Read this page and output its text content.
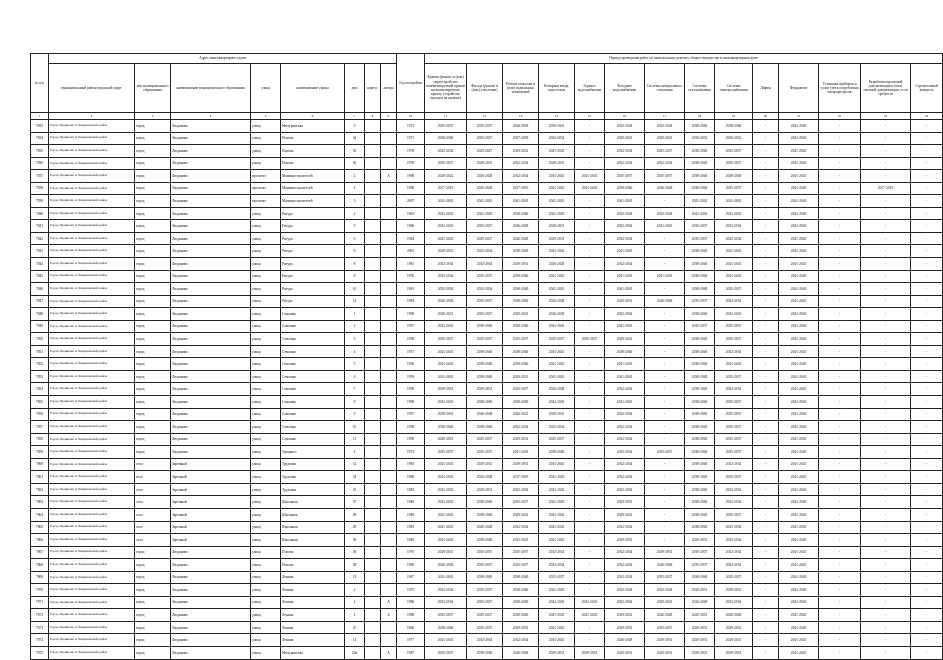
№ п/п	Адрес многоквартирного дома								Год постройки	Период проведения работ по капитальному ремонту общего имущества в многоквартирном доме													
	муниципальный район/городской округ	тип муниципального образования	наименование муниципального образования	улица	наименование улицы	дом	корпус	литера		Крыши (ремонт и (или) переустройство невентилируемой крыши на вентилируемую крышу, устройство выходов на кровлю)	Фасада (ремонт и (или) утепление)	Ремонт отмостки и (или) подвальных помещений	Козырьки входа, водостоков	Горячее водоснабжение	Холодное водоснабжение	Системы центрального отопления	Системы газоснабжения	Системы электроснабжения	Лифты	Фундамент	Установка приборов и узлов учета потребления энергоресурсов	Разработка проектной документации и (или) сметной документации, если требуется	Строительный контроль
1	2	3	4	5	6	7	8	9	10	11	12	13	14	15	16	17	18	19	20	21	22	23	24
7833	Город Людиново и Людиновский район	город	Людиново	улица	Мичуринская	5			1972	2035-2037	2035-2037	2028-2029	2039-2041	-	2032-2034	2032-2034	2038-2040	2038-2040	-	2041-2043	-	-	-
7834	Город Людиново и Людиновский район	город	Людиново	улица	Попова	34			1971	2038-2040	2035-2037	2037-2039	2032-2034	-	2029-2031	2029-2031	2030-2032	2030-2032	-	2041-2043	-	-	-
7835	Город Людиново и Людиновский район	город	Людиново	улица	Попова	35			1978	2032-2034	2025-2027	2029-2031	2041-2043	-	2032-2034	2035-2037	2038-2040	2035-2037	-	2041-2043	-	-	-
7836	Город Людиново и Людиновский район	город	Людиново	улица	Попова	40			1978	2035-2037	2029-2031	2032-2034	2029-2031	-	2032-2034	2032-2034	2038-2040	2035-2037	-	2041-2043	-	-	-
7837	Город Людиново и Людиновский район	город	Людиново	проспект	Машиностроителей	2		А	1998	2020-2022	2026-2028	2032-2034	2041-2043	2041-2043	2035-2037	2035-2037	2038-2040	2038-2040	-	2041-2043	-	-	-
7838	Город Людиново и Людиновский район	город	Людиново	проспект	Машиностроителей	4			1998	2017-2019	2026-2028	2017-2019	2041-2043	2041-2043	2038-2040	2026-2028	2038-2040	2035-2037	-	2041-2043	-	2017-2019	-
7839	Город Людиново и Людиновский район	город	Людиново	проспект	Машиностроителей	3			2007	2041-2043	2041-2043	2041-2043	2041-2043	-	2041-2043	-	2041-2043	2041-2043	-	2041-2043	-	-	-
7840	Город Людиново и Людиновский район	город	Людиново	улица	Ригура	2			1963	2041-2043	2041-2043	2038-2040	2041-2043	-	2032-2034	2032-2034	2041-2043	2041-2043	-	2041-2043	-	-	-
7841	Город Людиново и Людиновский район	город	Людиново	улица	Ригура	5			1966	2041-2043	2035-2037	2026-2028	2029-2031	-	2032-2034	2041-2043	2035-2037	2032-2034	-	2041-2043	-	-	-
7842	Город Людиново и Людиновский район	город	Людиново	улица	Ригура	5			1964	2041-2043	2035-2037	2026-2028	2029-2031	-	2032-2034	-	2035-2037	2032-2034	-	2041-2043	-	-	-
7843	Город Людиново и Людиновский район	город	Людиново	улица	Ригура	6			2001	2029-2031	2032-2034	2038-2040	2041-2043	-	2041-2043	-	2038-2040	2041-2043	-	2041-2043	-	-	-
7844	Город Людиново и Людиновский район	город	Людиново	улица	Ригура	8			1981	2032-2034	2032-2034	2029-2031	2026-2028	-	2032-2034	-	2038-2040	2041-2043	-	2041-2043	-	-	-
7845	Город Людиново и Людиновский район	город	Людиново	улица	Ригура	9			1976	2032-2034	2035-2037	2038-2040	2041-2043	-	2041-2043	2041-2043	2038-2040	2041-2043	-	2041-2043	-	-	-
7846	Город Людиново и Людиновский район	город	Людиново	улица	Ригура	10			1981	2032-2034	2032-2034	2038-2040	2041-2043	-	2041-2043	-	2038-2040	2035-2037	-	2041-2043	-	-	-
7847	Город Людиново и Людиновский район	город	Людиново	улица	Ригура	12			1984	2026-2028	2035-2037	2038-2040	2026-2028	-	2029-2031	2026-2028	2035-2037	2032-2034	-	2041-2043	-	-	-
7848	Город Людиново и Людиновский район	город	Людиново	улица	Семашко	1			1958	2029-2031	2035-2037	2029-2031	2026-2028	-	2032-2034	-	2038-2040	2041-2043	-	2041-2043	-	-	-
7849	Город Людиново и Людиновский район	город	Людиново	улица	Семашко	2			1957	2041-2043	2038-2040	2038-2040	2041-2043	-	2041-2043	-	2035-2037	2035-2037	-	2041-2043	-	-	-
7850	Город Людиново и Людиновский район	город	Людиново	улица	Семашко	3			1958	2035-2037	2035-2037	2035-2037	2035-2037	2035-2037	2029-2031	-	2038-2040	2035-2037	-	2041-2043	-	-	-
7851	Город Людиново и Людиновский район	город	Людиново	улица	Семашко	4			1957	2041-2043	2038-2040	2038-2040	2041-2043	-	2038-2040	-	2038-2040	2032-2034	-	2041-2043	-	-	-
7852	Город Людиново и Людиновский район	город	Людиново	улица	Семашко	5			1956	2041-2043	2038-2040	2038-2040	2041-2043	-	2041-2043	-	2038-2040	2041-2043	-	2041-2043	-	-	-
7853	Город Людиново и Людиновский район	город	Людиново	улица	Семашко	6			1959	2041-2043	2038-2040	2029-2031	2041-2043	-	2041-2043	-	2038-2040	2035-2037	-	2041-2043	-	-	-
7854	Город Людиново и Людиновский район	город	Людиново	улица	Семашко	7			1958	2029-2031	2029-2031	2035-2037	2026-2028	-	2032-2034	-	2038-2040	2032-2034	-	2041-2043	-	-	-
7855	Город Людиново и Людиновский район	город	Людиново	улица	Семашко	8			1958	2041-2043	2038-2040	2038-2040	2041-2043	-	2041-2043	-	2038-2040	2035-2037	-	2041-2043	-	-	-
7856	Город Людиново и Людиновский район	город	Людиново	улица	Семашко	9			1957	2029-2031	2026-2028	2020-2022	2029-2031	-	2032-2034	-	2038-2040	2035-2037	-	2041-2043	-	-	-
7857	Город Людиново и Людиновский район	город	Людиново	улица	Семашко	10			1958	2038-2040	2038-2040	2032-2034	2032-2034	-	2032-2034	-	2038-2040	2035-2037	-	2041-2043	-	-	-
7858	Город Людиново и Людиновский район	город	Людиново	улица	Семашко	11			1958	2029-2031	2035-2037	2029-2031	2035-2037	-	2032-2034	-	2038-2040	2035-2037	-	2041-2043	-	-	-
7859	Город Людиново и Людиновский район	город	Людиново	улица	Урицкого	4			1972	2035-2037	2035-2037	2041-2043	2038-2040	-	2032-2034	2035-2037	2038-2040	2035-2037	-	2041-2043	-	-	-
7860	Город Людиново и Людиновский район	село	Заречный	улица	Трудовая	32			1983	2041-2043	2029-2031	2029-2031	2041-2043	-	2032-2034	-	2038-2040	2032-2034	-	2041-2043	-	-	-
7861	Город Людиново и Людиновский район	село	Заречный	улица	Трудовая	32			1980	2041-2043	2026-2028	2017-2019	2041-2043	-	2032-2034	-	2038-2040	2035-2037	-	2041-2043	-	-	-
7862	Город Людиново и Людиновский район	село	Заречный	улица	Трудовая	33			1983	2041-2043	2029-2031	2032-2034	2041-2043	-	2032-2034	-	2038-2040	2032-2034	-	2041-2043	-	-	-
7863	Город Людиново и Людиновский район	село	Заречный	улица	Школьная	47			1983	2041-2043	2038-2040	2035-2037	2041-2043	-	2029-2031	-	2038-2040	2032-2034	-	2041-2043	-	-	-
7864	Город Людиново и Людиновский район	село	Заречный	улица	Школьная	48			1983	2041-2043	2038-2040	2029-2031	2041-2043	-	2029-2031	-	2038-2040	2035-2037	-	2041-2043	-	-	-
7865	Город Людиново и Людиновский район	село	Заречный	улица	Школьная	49			1983	2041-2043	2026-2028	2032-2034	2041-2043	-	2032-2034	-	2038-2040	2032-2034	-	2041-2043	-	-	-
7866	Город Людиново и Людиновский район	село	Заречный	улица	Школьная	50			1983	2041-2043	2038-2040	2023-2025	2041-2043	-	2029-2031	-	2029-2031	2032-2034	-	2041-2043	-	-	-
7867	Город Людиново и Людиновский район	город	Людиново	улица	Попова	36			1970	2029-2031	2035-2037	2035-2037	2032-2034	-	2032-2034	2029-2031	2035-2037	2032-2034	-	2041-2043	-	-	-
7868	Город Людиново и Людиновский район	город	Людиново	улица	Попова	38			1969	2026-2028	2035-2037	2035-2037	2032-2034	-	2032-2034	2026-2028	2035-2037	2032-2034	-	2041-2043	-	-	-
7869	Город Людиново и Людиновский район	город	Людиново	улица	Ленина	15			1967	2041-2043	2038-2040	2038-2040	2035-2037	-	2032-2034	2035-2037	2038-2040	2035-2037	-	2041-2043	-	-	-
7870	Город Людиново и Людиновский район	город	Людиново	улица	Ленина	2			1975	2032-2034	2035-2037	2038-2040	2041-2043	-	2032-2034	2032-2034	2029-2031	2029-2031	-	2041-2043	-	-	-
7871	Город Людиново и Людиновский район	город	Людиново	улица	Ленина	2		А	1986	2032-2034	2035-2037	2038-2040	2041-2043	2041-2043	2032-2034	2029-2031	2026-2028	2032-2034	-	2041-2043	-	-	-
7872	Город Людиново и Людиновский район	город	Людиново	улица	Ленина	2		Б	1986	2035-2037	2035-2037	2038-2040	2041-2043	2041-2043	2029-2031	2026-2028	2029-2031	2026-2028	-	2041-2043	-	-	-
7873	Город Людиново и Людиновский район	город	Людиново	улица	Ленина	10			1960	2038-2040	2035-2037	2029-2031	2041-2043	-	2029-2031	2035-2037	2029-2031	2029-2031	-	2041-2043	-	-	-
7874	Город Людиново и Людиновский район	город	Людиново	улица	Ленина	12			1977	2041-2043	2032-2034	2032-2034	2041-2043	-	2026-2028	2029-2031	2029-2031	2029-2031	-	2041-2043	-	-	-
7875	Город Людиново и Людиновский район	город	Людиново	улица	Мичуринская	20а		А	1987	2035-2037	2038-2040	2026-2028	2029-2031	2029-2031	2029-2031	2029-2031	2029-2031	2029-2031	-	2041-2043	-	-	-
